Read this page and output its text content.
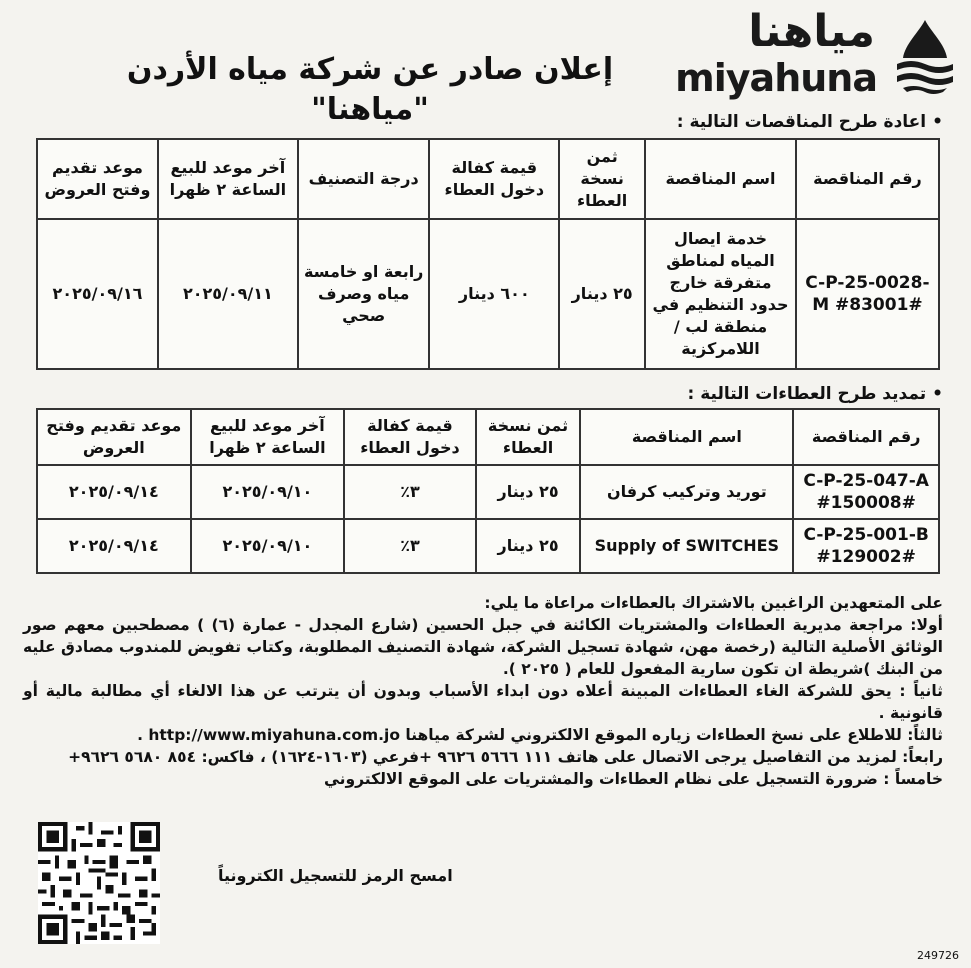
مياهنا
miyahuna
إعلان صادر عن شركة مياه الأردن "مياهنا"	• اعادة طرح المناقصات التالية :
رقم المناقصة	اسم المناقصة	ثمن نسخة العطاء	قيمة كفالة دخول العطاء	درجة التصنيف	آخر موعد للبيع الساعة ٢ ظهرا	موعد تقديم وفتح العروض
C-P-25-0028-M #83001#	خدمة ايصال المياه لمناطق متفرقة خارج حدود التنظيم في منطقة لب / اللامركزية	٢٥ دينار	٦٠٠ دينار	رابعة او خامسة مياه وصرف صحي	٢٠٢٥/٠٩/١١	٢٠٢٥/٠٩/١٦
• تمديد طرح العطاءات التالية :
رقم المناقصة	اسم المناقصة	ثمن نسخة العطاء	قيمة كفالة دخول العطاء	آخر موعد للبيع الساعة ٢ ظهرا	موعد تقديم وفتح العروض
C-P-25-047-A #150008#	توريد وتركيب كرفان	٢٥ دينار	٣٪	٢٠٢٥/٠٩/١٠	٢٠٢٥/٠٩/١٤
C-P-25-001-B #129002#	Supply of SWITCHES	٢٥ دينار	٣٪	٢٠٢٥/٠٩/١٠	٢٠٢٥/٠٩/١٤
على المتعهدين الراغبين بالاشتراك بالعطاءات مراعاة ما يلي:
أولا: مراجعة مديرية العطاءات والمشتريات الكائنة في جبل الحسين (شارع المجدل - عمارة (٦) ) مصطحبين معهم صور الوثائق الأصلية التالية (رخصة مهن، شهادة تسجيل الشركة، شهادة التصنيف المطلوبة، وكتاب تفويض للمندوب مصادق عليه من البنك )شريطة ان تكون سارية المفعول للعام ( ٢٠٢٥ ).
ثانياً : يحق للشركة الغاء العطاءات المبينة أعلاه دون ابداء الأسباب وبدون أن يترتب عن هذا الالغاء أي مطالبة مالية أو قانونية .
ثالثاً: للاطلاع على نسخ العطاءات زياره الموقع الالكتروني لشركة مياهنا http://www.miyahuna.com.jo .
رابعاً: لمزيد من التفاصيل يرجى الاتصال على هاتف ١١١ ٥٦٦٦ ٩٦٢٦ +فرعي (١٦٠٣-١٦٢٤) ، فاكس: ٨٥٤ ٥٦٨٠ ٩٦٢٦+
خامساً : ضرورة التسجيل على نظام العطاءات والمشتريات على الموقع الالكتروني
امسح الرمز للتسجيل الكترونياً
249726
